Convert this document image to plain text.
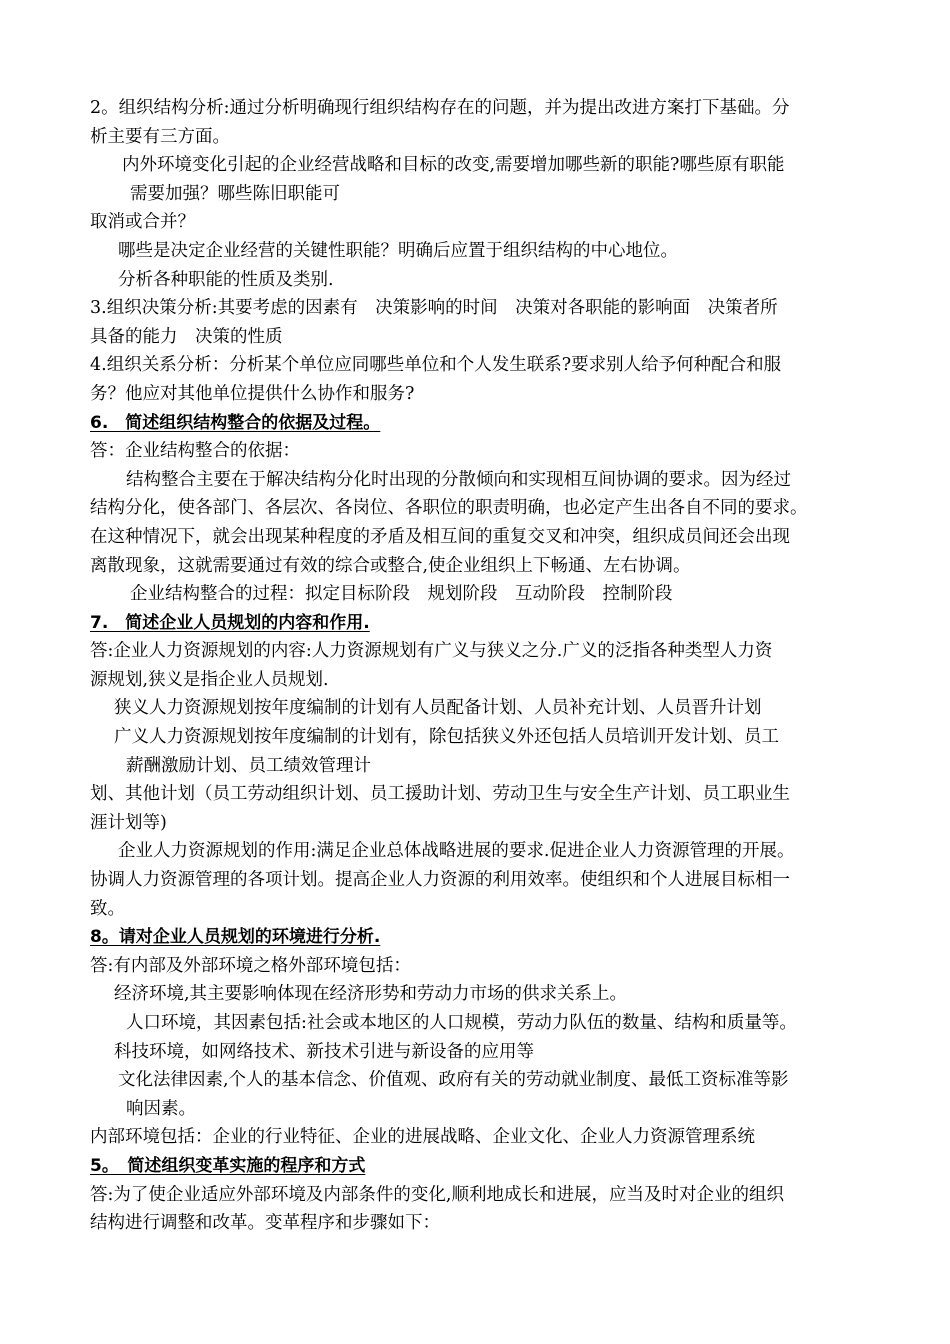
2。组织结构分析:通过分析明确现行组织结构存在的问题，并为提出改进方案打下基础。分
析主要有三方面。
内外环境变化引起的企业经营战略和目标的改变,需要增加哪些新的职能?哪些原有职能
需要加强？哪些陈旧职能可
取消或合并？
哪些是决定企业经营的关键性职能？明确后应置于组织结构的中心地位。
分析各种职能的性质及类别.
3.组织决策分析:其要考虑的因素有　决策影响的时间　决策对各职能的影响面　决策者所
具备的能力　决策的性质
4.组织关系分析：分析某个单位应同哪些单位和个人发生联系?要求别人给予何种配合和服
务？他应对其他单位提供什么协作和服务?
6.　简述组织结构整合的依据及过程。
答：企业结构整合的依据：
结构整合主要在于解决结构分化时出现的分散倾向和实现相互间协调的要求。因为经过
结构分化，使各部门、各层次、各岗位、各职位的职责明确，也必定产生出各自不同的要求。
在这种情况下，就会出现某种程度的矛盾及相互间的重复交叉和冲突，组织成员间还会出现
离散现象，这就需要通过有效的综合或整合,使企业组织上下畅通、左右协调。
企业结构整合的过程：拟定目标阶段　规划阶段　互动阶段　控制阶段
7.　简述企业人员规划的内容和作用.
答:企业人力资源规划的内容:人力资源规划有广义与狭义之分.广义的泛指各种类型人力资
源规划,狭义是指企业人员规划.
狭义人力资源规划按年度编制的计划有人员配备计划、人员补充计划、人员晋升计划
广义人力资源规划按年度编制的计划有，除包括狭义外还包括人员培训开发计划、员工
薪酬激励计划、员工绩效管理计
划、其他计划（员工劳动组织计划、员工援助计划、劳动卫生与安全生产计划、员工职业生
涯计划等)
企业人力资源规划的作用:满足企业总体战略进展的要求.促进企业人力资源管理的开展。
协调人力资源管理的各项计划。提高企业人力资源的利用效率。使组织和个人进展目标相一
致。
8。请对企业人员规划的环境进行分析.
答:有内部及外部环境之格外部环境包括：
经济环境,其主要影响体现在经济形势和劳动力市场的供求关系上。
人口环境，其因素包括:社会或本地区的人口规模，劳动力队伍的数量、结构和质量等。
科技环境，如网络技术、新技术引进与新设备的应用等
文化法律因素,个人的基本信念、价值观、政府有关的劳动就业制度、最低工资标准等影
响因素。
内部环境包括：企业的行业特征、企业的进展战略、企业文化、企业人力资源管理系统
5。　简述组织变革实施的程序和方式
答:为了使企业适应外部环境及内部条件的变化,顺利地成长和进展，应当及时对企业的组织
结构进行调整和改革。变革程序和步骤如下：
